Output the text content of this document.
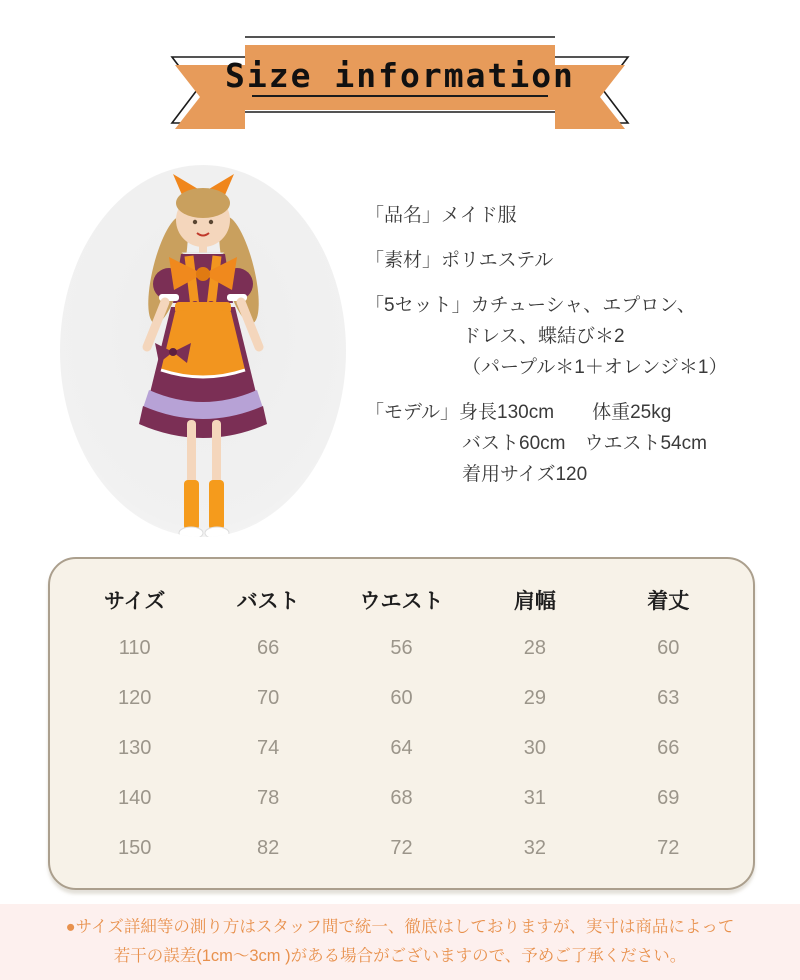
Size information

「品名」メイド服

「素材」ポリエステル

「5セット」カチューシャ、エプロン、
ドレス、蝶結び＊2
（パープル＊1＋オレンジ＊1）

「モデル」身長130cm　　体重25kg
バスト60cm　ウエスト54cm
着用サイズ120

サイズ	バスト	ウエスト	肩幅	着丈
110	66	56	28	60
120	70	60	29	63
130	74	64	30	66
140	78	68	31	69
150	82	72	32	72
●サイズ詳細等の測り方はスタッフ間で統一、徹底はしておりますが、実寸は商品によって
若干の誤差(1cm〜3cm )がある場合がございますので、予めご了承ください。
